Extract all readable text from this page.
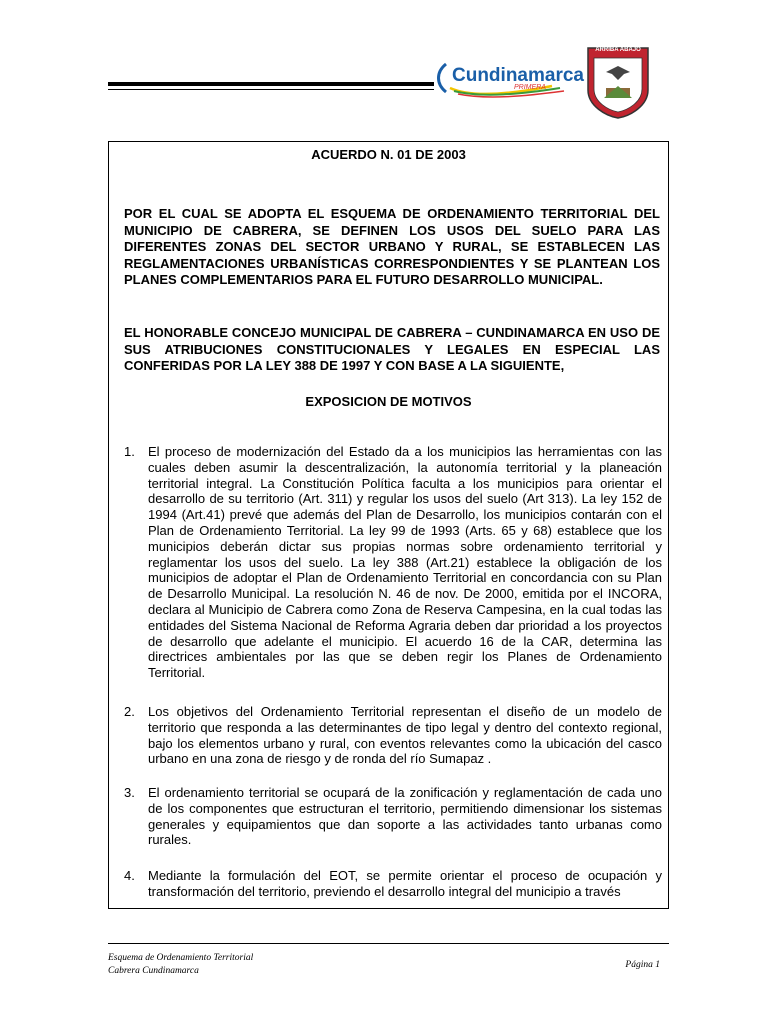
Cundinamarca
PRIMERA
ARRIBA ABAJO
ACUERDO N. 01 DE 2003
POR EL CUAL SE ADOPTA EL ESQUEMA DE ORDENAMIENTO TERRITORIAL DEL MUNICIPIO DE CABRERA, SE DEFINEN LOS USOS DEL SUELO PARA LAS DIFERENTES ZONAS DEL SECTOR URBANO Y RURAL, SE ESTABLECEN LAS REGLAMENTACIONES URBANÍSTICAS CORRESPONDIENTES Y SE PLANTEAN LOS PLANES COMPLEMENTARIOS PARA EL FUTURO DESARROLLO MUNICIPAL.
EL HONORABLE CONCEJO MUNICIPAL DE CABRERA – CUNDINAMARCA EN USO DE SUS ATRIBUCIONES CONSTITUCIONALES Y LEGALES EN ESPECIAL LAS CONFERIDAS POR LA LEY 388 DE 1997 Y CON BASE A LA SIGUIENTE,
EXPOSICION DE MOTIVOS
1. El proceso de modernización del Estado da a los municipios las herramientas con las cuales deben asumir la descentralización, la autonomía territorial y la planeación territorial integral. La Constitución Política faculta a los municipios para orientar el desarrollo de su territorio (Art. 311) y regular los usos del suelo (Art 313). La ley 152 de 1994 (Art.41) prevé que además del Plan de Desarrollo, los municipios contarán con el Plan de Ordenamiento Territorial. La ley 99 de 1993 (Arts. 65 y 68) establece que los municipios deberán dictar sus propias normas sobre ordenamiento territorial y reglamentar los usos del suelo. La ley 388 (Art.21) establece la obligación de los municipios de adoptar el Plan de Ordenamiento Territorial en concordancia con su Plan de Desarrollo Municipal. La resolución N. 46 de nov. De 2000, emitida por el INCORA, declara al Municipio de Cabrera como Zona de Reserva Campesina, en la cual todas las entidades del Sistema Nacional de Reforma Agraria deben dar prioridad a los proyectos de desarrollo que adelante el municipio. El acuerdo 16 de la CAR, determina las directrices ambientales por las que se deben regir los Planes de Ordenamiento Territorial.
2. Los objetivos del Ordenamiento Territorial representan el diseño de un modelo de territorio que responda a las determinantes de tipo legal y dentro del contexto regional, bajo los elementos urbano y rural, con eventos relevantes como la ubicación del casco urbano en una zona de riesgo y de ronda del río Sumapaz .
3. El ordenamiento territorial se ocupará de la zonificación y reglamentación de cada uno de los componentes que estructuran el territorio, permitiendo dimensionar los sistemas generales y equipamientos que dan soporte a las actividades tanto urbanas como rurales.
4. Mediante la formulación del EOT, se permite orientar el proceso de ocupación y transformación del territorio, previendo el desarrollo integral del municipio a través
Esquema de Ordenamiento Territorial
Cabrera Cundinamarca
Página 1
